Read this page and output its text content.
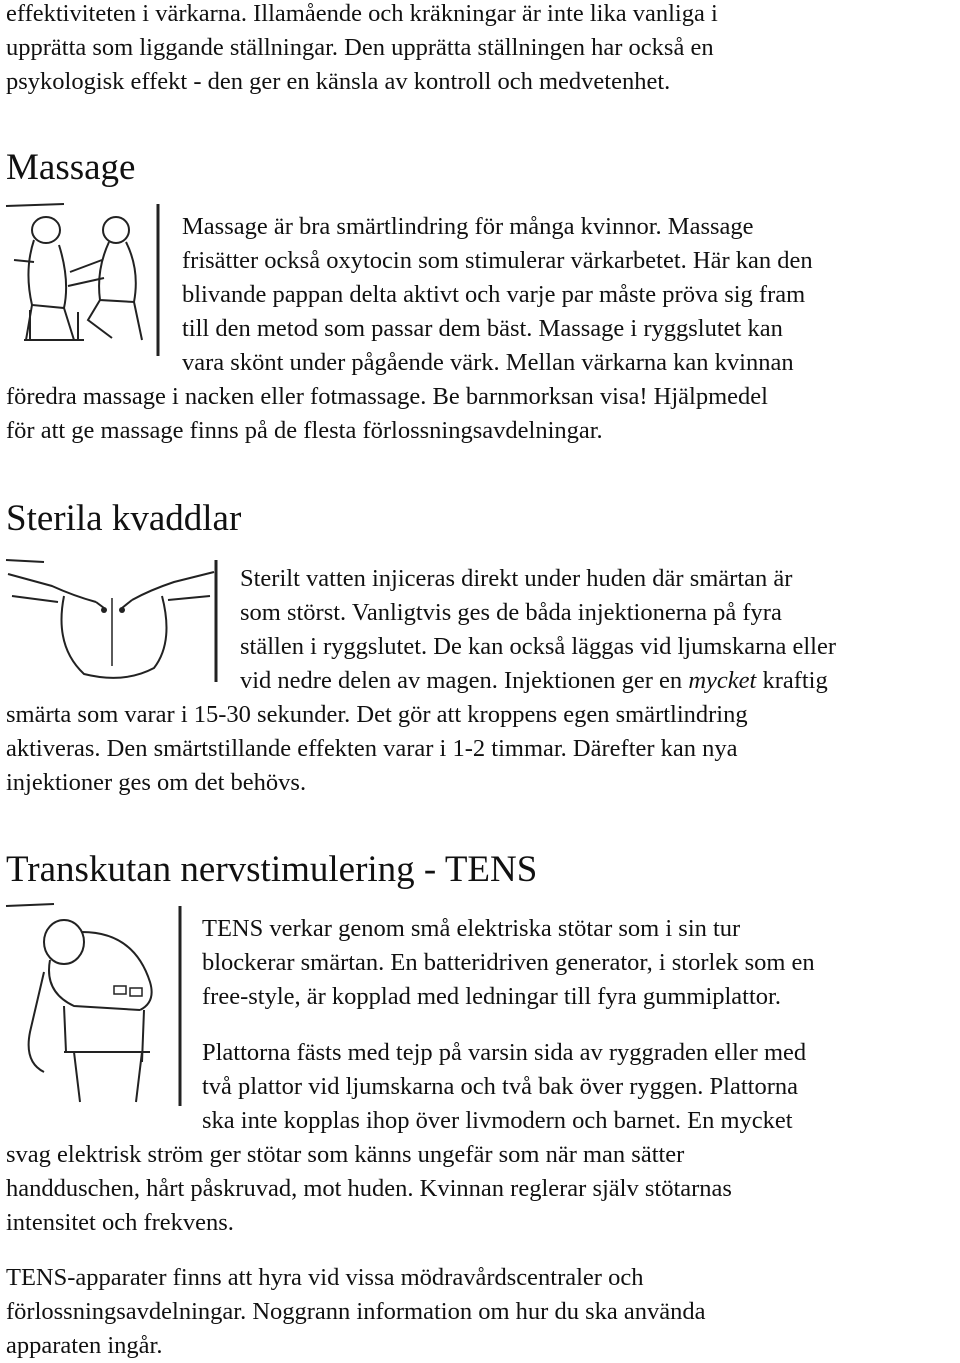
effektiviteten i värkarna. Illamående och kräkningar är inte lika vanliga i

upprätta som liggande ställningar. Den upprätta ställningen har också en

psykologisk effekt - den ger en känsla av kontroll och medvetenhet.

Massage

Massage är bra smärtlindring för många kvinnor. Massage

frisätter också oxytocin som stimulerar värkarbetet. Här kan den

blivande pappan delta aktivt och varje par måste pröva sig fram

till den metod som passar dem bäst. Massage i ryggslutet kan

vara skönt under pågående värk. Mellan värkarna kan kvinnan

föredra massage i nacken eller fotmassage. Be barnmorksan visa! Hjälpmedel

för att ge massage finns på de flesta förlossningsavdelningar.

Sterila kvaddlar

Sterilt vatten injiceras direkt under huden där smärtan är

som störst. Vanligtvis ges de båda injektionerna på fyra

ställen i ryggslutet. De kan också läggas vid ljumskarna eller

vid nedre delen av magen. Injektionen ger en mycket kraftig

smärta som varar i 15-30 sekunder. Det gör att kroppens egen smärtlindring

aktiveras. Den smärtstillande effekten varar i 1-2 timmar. Därefter kan nya

injektioner ges om det behövs.

Transkutan nervstimulering - TENS

TENS verkar genom små elektriska stötar som i sin tur

blockerar smärtan. En batteridriven generator, i storlek som en

free-style, är kopplad med ledningar till fyra gummiplattor.

Plattorna fästs med tejp på varsin sida av ryggraden eller med

två plattor vid ljumskarna och två bak över ryggen. Plattorna

ska inte kopplas ihop över livmodern och barnet. En mycket

svag elektrisk ström ger stötar som känns ungefär som när man sätter

handduschen, hårt påskruvad, mot huden. Kvinnan reglerar själv stötarnas

intensitet och frekvens.

TENS-apparater finns att hyra vid vissa mödravårdscentraler och

förlossningsavdelningar. Noggrann information om hur du ska använda

apparaten ingår.
